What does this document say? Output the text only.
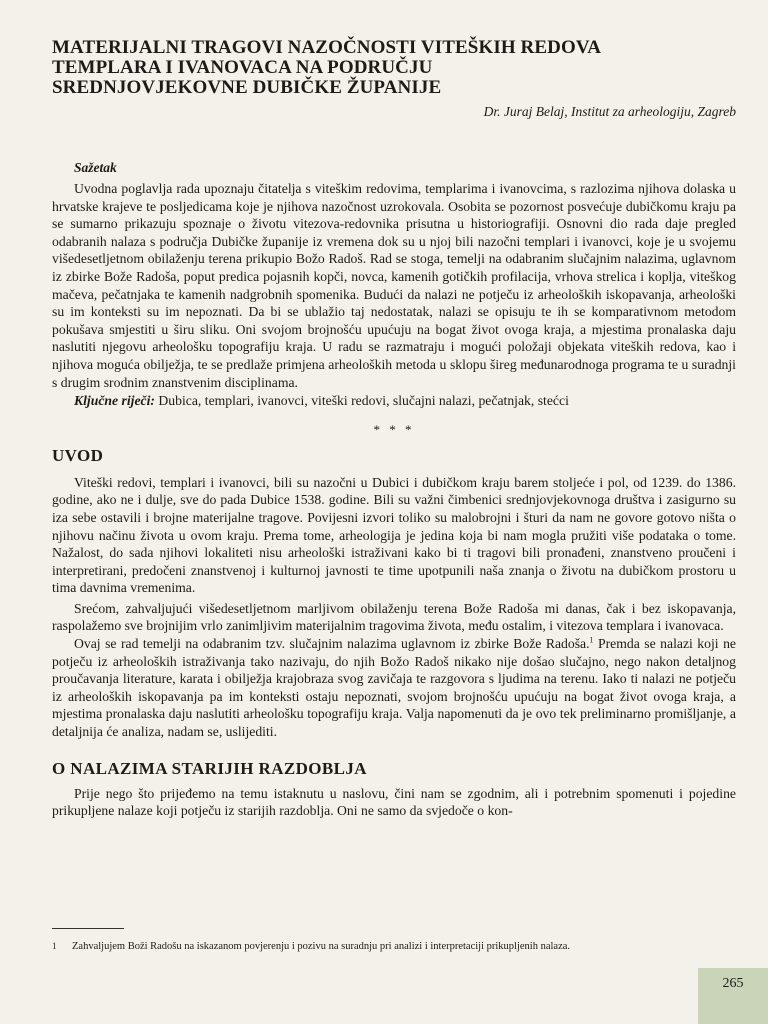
MATERIJALNI TRAGOVI NAZOČNOSTI VITEŠKIH REDOVA
TEMPLARA I IVANOVACA NA PODRUČJU
SREDNJOVJEKOVNE DUBIČKE ŽUPANIJE
Dr. Juraj Belaj, Institut za arheologiju, Zagreb
Sažetak

Uvodna poglavlja rada upoznaju čitatelja s viteškim redovima, templarima i ivanovcima, s razlozima njihova dolaska u hrvatske krajeve te posljedicama koje je njihova nazočnost uzrokovala. Osobita se pozornost posvećuje dubičkomu kraju pa se sumarno prikazuju spoznaje o životu vitezova-redovnika prisutna u historiografiji. Osnovni dio rada daje pregled odabranih nalaza s područja Dubičke županije iz vremena dok su u njoj bili nazočni templari i ivanovci, koje je u svojemu višedesetljetnom obilaženju terena prikupio Božo Radoš. Rad se stoga, temelji na odabranim slučajnim nalazima, uglavnom iz zbirke Bože Radoša, poput predica pojasnih kopči, novca, kamenih gotičkih profilacija, vrhova strelica i koplja, viteškog mačeva, pečatnjaka te kamenih nadgrobnih spomenika. Budući da nalazi ne potječu iz arheoloških iskopavanja, arheološki su im konteksti su im nepoznati. Da bi se ublažio taj nedostatak, nalazi se opisuju te ih se komparativnom metodom pokušava smjestiti u širu sliku. Oni svojom brojnošću upućuju na bogat život ovoga kraja, a mjestima pronalaska daju naslutiti njegovu arheološku topografiju kraja. U radu se razmatraju i mogući položaji objekata viteških redova, kao i njihova moguća obilježja, te se predlaže primjena arheoloških metoda u sklopu šireg međunarodnoga programa te u suradnji s drugim srodnim znanstvenim disciplinama.

Ključne riječi: Dubica, templari, ivanovci, viteški redovi, slučajni nalazi, pečatnjak, stećci

* * *
UVOD

Viteški redovi, templari i ivanovci, bili su nazočni u Dubici i dubičkom kraju barem stoljeće i pol, od 1239. do 1386. godine, ako ne i dulje, sve do pada Dubice 1538. godine. Bili su važni čimbenici srednjovjekovnoga društva i zasigurno su iza sebe ostavili i brojne materijalne tragove. Povijesni izvori toliko su malobrojni i šturi da nam ne govore gotovo ništa o njihovu načinu života u ovom kraju. Prema tome, arheologija je jedina koja bi nam mogla pružiti više podataka o tome. Nažalost, do sada njihovi lokaliteti nisu arheološki istraživani kako bi ti tragovi bili pronađeni, znanstveno proučeni i interpretirani, predočeni znanstvenoj i kulturnoj javnosti te time upotpunili naša znanja o životu na dubičkom prostoru u tima davnima vremenima.

Srećom, zahvaljujući višedesetljetnom marljivom obilaženju terena Bože Radoša mi danas, čak i bez iskopavanja, raspolažemo sve brojnijim vrlo zanimljivim materijalnim tragovima života, među ostalim, i vitezova templara i ivanovaca.

Ovaj se rad temelji na odabranim tzv. slučajnim nalazima uglavnom iz zbirke Bože Radoša.$^1$ Premda se nalazi koji ne potječu iz arheoloških istraživanja tako nazivaju, do njih Božo Radoš nikako nije došao slučajno, nego nakon detaljnog proučavanja literature, karata i obilježja krajobraza svog zavičaja te razgovora s ljudima na terenu. Iako ti nalazi ne potječu iz arheoloških iskopavanja pa im konteksti ostaju nepoznati, svojom brojnošću upućuju na bogat život ovoga kraja, a mjestima pronalaska daju naslutiti arheološku topografiju kraja. Valja napomenuti da je ovo tek preliminarno promišljanje, a detaljnija će analiza, nadam se, uslijediti.

O NALAZIMA STARIJIH RAZDOBLJA

Prije nego što prijeđemo na temu istaknutu u naslovu, čini nam se zgodnim, ali i potrebnim spomenuti i pojedine prikupljene nalaze koji potječu iz starijih razdoblja. Oni ne samo da svjedoče o kon-

1 Zahvaljujem Boži Radošu na iskazanom povjerenju i pozivu na suradnju pri analizi i interpretaciji prikupljenih nalaza.
265
